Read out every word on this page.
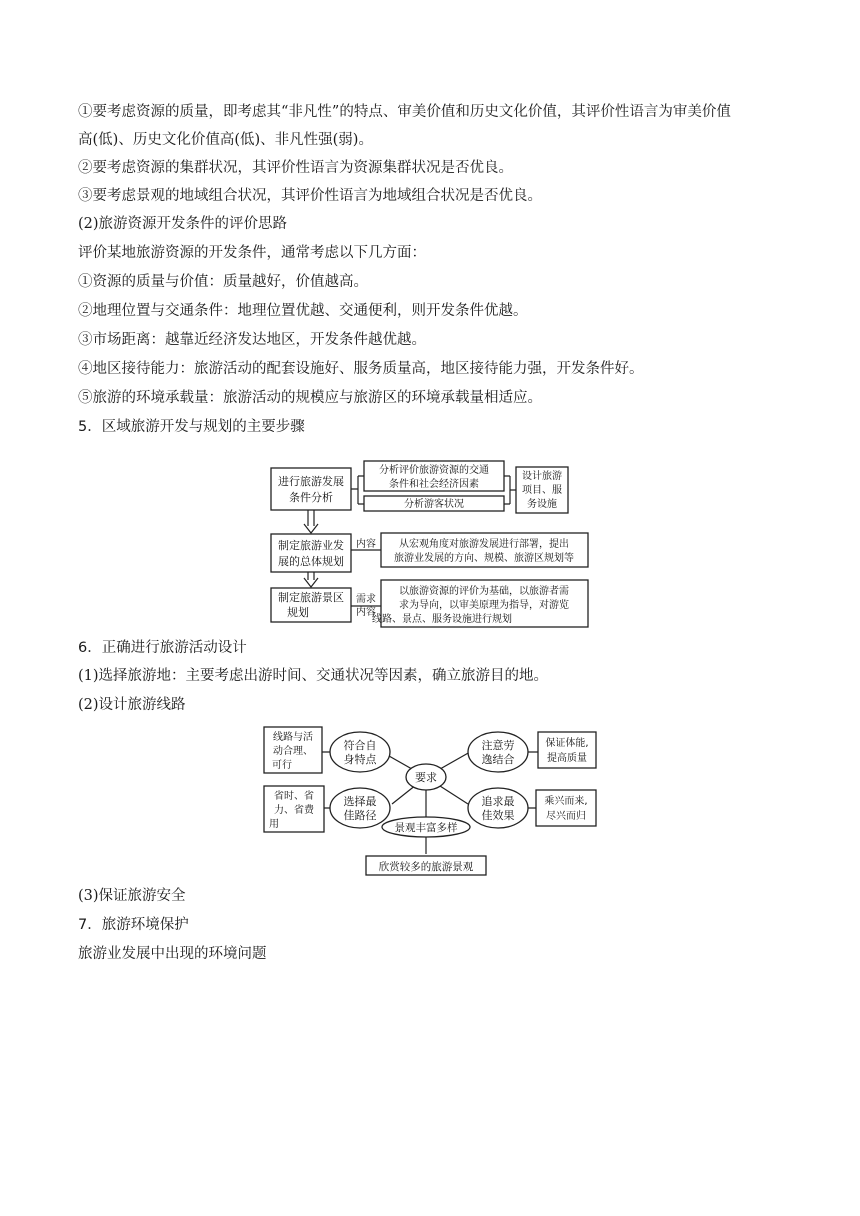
①要考虑资源的质量，即考虑其“非凡性”的特点、审美价值和历史文化价值，其评价性语言为审美价值
高(低)、历史文化价值高(低)、非凡性强(弱)。
②要考虑资源的集群状况，其评价性语言为资源集群状况是否优良。
③要考虑景观的地域组合状况，其评价性语言为地域组合状况是否优良。
(2)旅游资源开发条件的评价思路
评价某地旅游资源的开发条件，通常考虑以下几方面：
①资源的质量与价值：质量越好，价值越高。
②地理位置与交通条件：地理位置优越、交通便利，则开发条件优越。
③市场距离：越靠近经济发达地区，开发条件越优越。
④地区接待能力：旅游活动的配套设施好、服务质量高，地区接待能力强，开发条件好。
⑤旅游的环境承载量：旅游活动的规模应与旅游区的环境承载量相适应。
5．区域旅游开发与规划的主要步骤
进行旅游发展
条件分析
分析评价旅游资源的交通
条件和社会经济因素
分析游客状况
设计旅游
项目、服
务设施
制定旅游业发
展的总体规划
内容 从宏观角度对旅游发展进行部署，提出
旅游业发展的方向、规模、旅游区规划等
制定旅游景区
规划
需求
内容
以旅游资源的评价为基础，以旅游者需
求为导向，以审美原理为指导，对游览
线路、景点、服务设施进行规划
6．正确进行旅游活动设计
(1)选择旅游地：主要考虑出游时间、交通状况等因素，确立旅游目的地。
(2)设计旅游线路
要求
符合自
身特点
线路与活
动合理、
可行
注意劳
逸结合
保证体能,
提高质量
选择最
佳路径
省时、省
力、省费
用
追求最
佳效果
乘兴而来,
尽兴而归
景观丰富多样
欣赏较多的旅游景观
(3)保证旅游安全
7．旅游环境保护
旅游业发展中出现的环境问题
